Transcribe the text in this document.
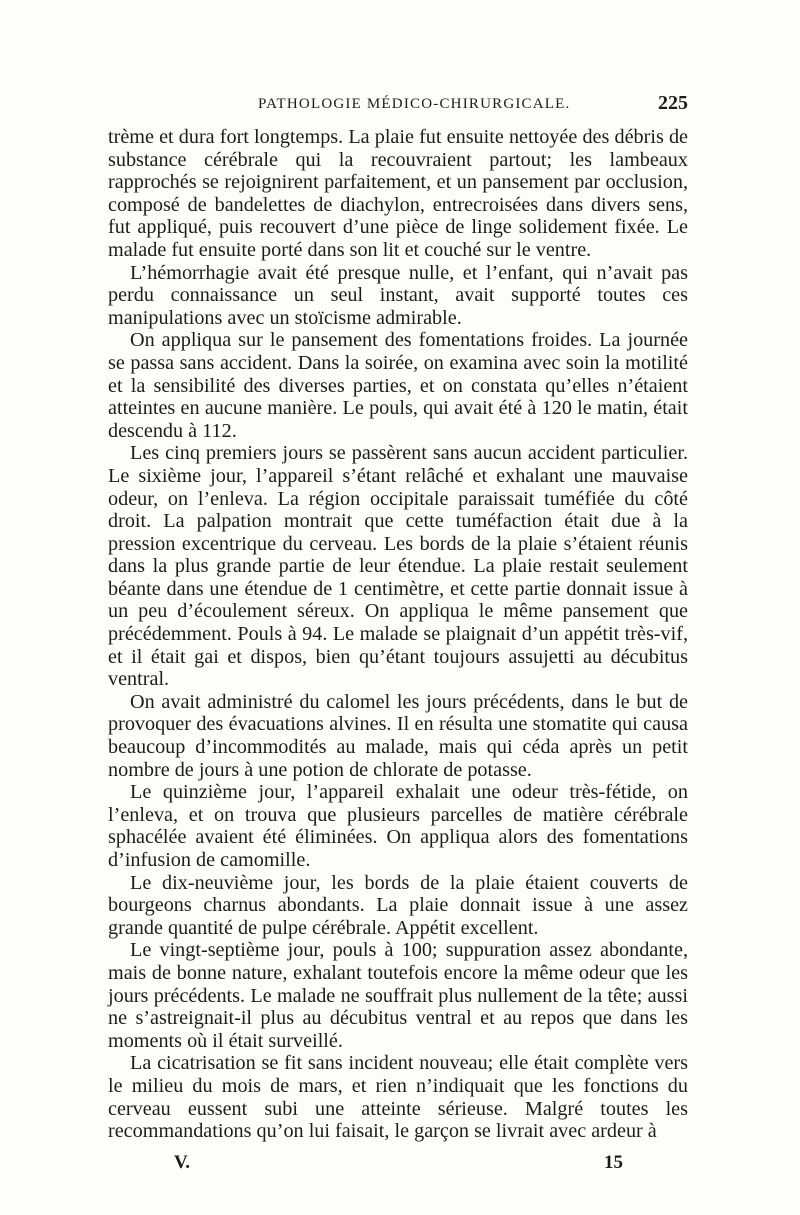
PATHOLOGIE MÉDICO-CHIRURGICALE.	225

trème et dura fort longtemps. La plaie fut ensuite nettoyée des débris de substance cérébrale qui la recouvraient partout; les lambeaux rapprochés se rejoignirent parfaitement, et un pansement par occlusion, composé de bandelettes de diachylon, entrecroisées dans divers sens, fut appliqué, puis recouvert d’une pièce de linge solidement fixée. Le malade fut ensuite porté dans son lit et couché sur le ventre.

L’hémorrhagie avait été presque nulle, et l’enfant, qui n’avait pas perdu connaissance un seul instant, avait supporté toutes ces manipulations avec un stoïcisme admirable.

On appliqua sur le pansement des fomentations froides. La journée se passa sans accident. Dans la soirée, on examina avec soin la motilité et la sensibilité des diverses parties, et on constata qu’elles n’étaient atteintes en aucune manière. Le pouls, qui avait été à 120 le matin, était descendu à 112.

Les cinq premiers jours se passèrent sans aucun accident particulier. Le sixième jour, l’appareil s’étant relâché et exhalant une mauvaise odeur, on l’enleva. La région occipitale paraissait tuméfiée du côté droit. La palpation montrait que cette tuméfaction était due à la pression excentrique du cerveau. Les bords de la plaie s’étaient réunis dans la plus grande partie de leur étendue. La plaie restait seulement béante dans une étendue de 1 centimètre, et cette partie donnait issue à un peu d’écoulement séreux. On appliqua le même pansement que précédemment. Pouls à 94. Le malade se plaignait d’un appétit très-vif, et il était gai et dispos, bien qu’étant toujours assujetti au décubitus ventral.

On avait administré du calomel les jours précédents, dans le but de provoquer des évacuations alvines. Il en résulta une stomatite qui causa beaucoup d’incommodités au malade, mais qui céda après un petit nombre de jours à une potion de chlorate de potasse.

Le quinzième jour, l’appareil exhalait une odeur très-fétide, on l’enleva, et on trouva que plusieurs parcelles de matière cérébrale sphacélée avaient été éliminées. On appliqua alors des fomentations d’infusion de camomille.

Le dix-neuvième jour, les bords de la plaie étaient couverts de bourgeons charnus abondants. La plaie donnait issue à une assez grande quantité de pulpe cérébrale. Appétit excellent.

Le vingt-septième jour, pouls à 100; suppuration assez abondante, mais de bonne nature, exhalant toutefois encore la même odeur que les jours précédents. Le malade ne souffrait plus nullement de la tête; aussi ne s’astreignait-il plus au décubitus ventral et au repos que dans les moments où il était surveillé.

La cicatrisation se fit sans incident nouveau; elle était complète vers le milieu du mois de mars, et rien n’indiquait que les fonctions du cerveau eussent subi une atteinte sérieuse. Malgré toutes les recommandations qu’on lui faisait, le garçon se livrait avec ardeur à

V.	15
